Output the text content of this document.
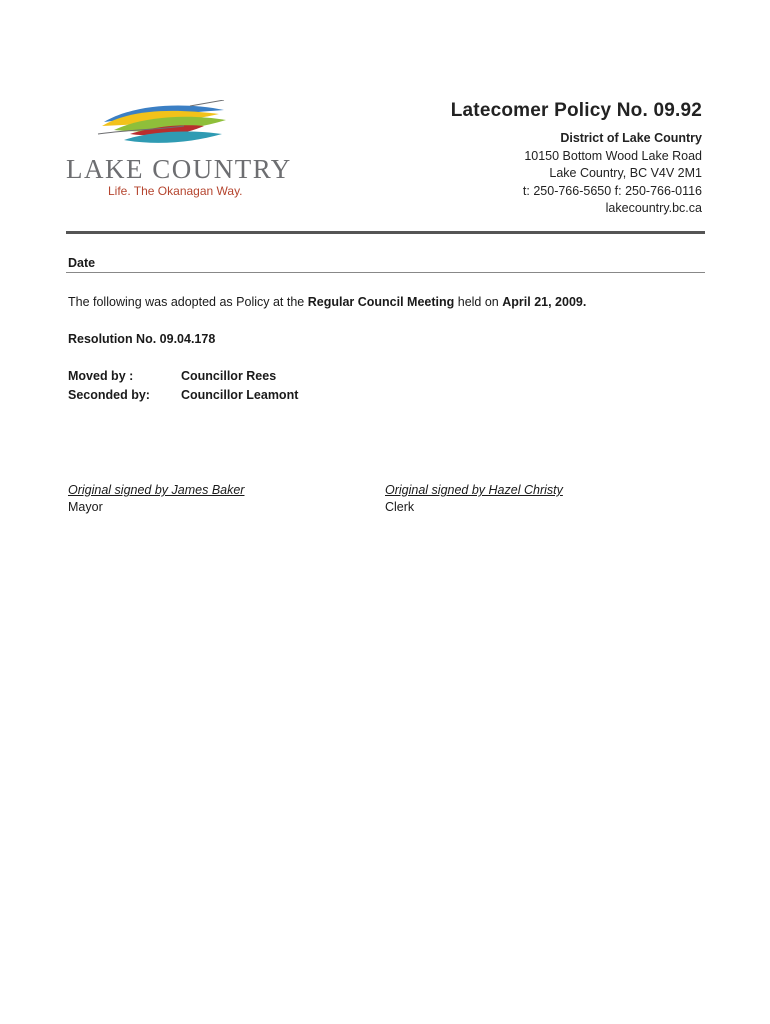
LAKE COUNTRY
Life. The Okanagan Way.
Latecomer Policy No. 09.92
District of Lake Country
10150 Bottom Wood Lake Road
Lake Country, BC V4V 2M1
t: 250-766-5650 f: 250-766-0116
lakecountry.bc.ca
Date
The following was adopted as Policy at the Regular Council Meeting held on April 21, 2009.
Resolution No. 09.04.178
Moved by :	Councillor Rees
Seconded by: Councillor Leamont
Original signed by James Baker
Mayor
Original signed by Hazel Christy
Clerk
